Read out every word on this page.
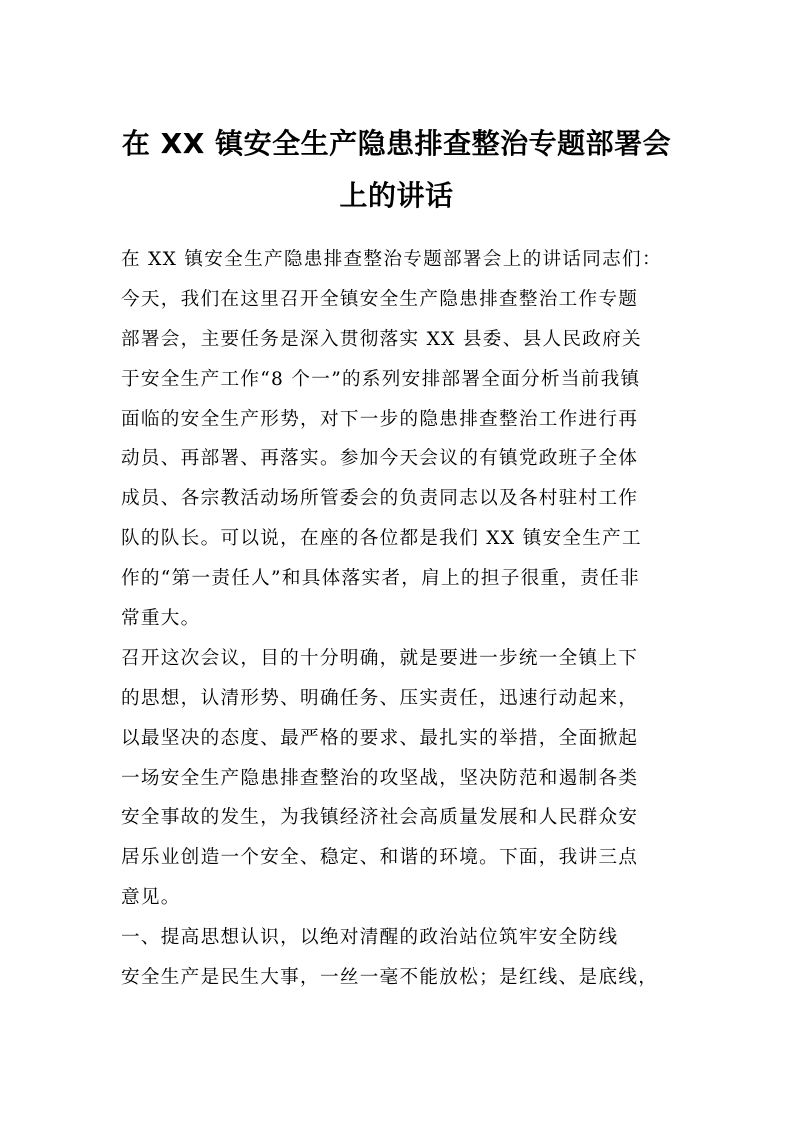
在 XX 镇安全生产隐患排查整治专题部署会
上的讲话
在 XX 镇安全生产隐患排查整治专题部署会上的讲话同志们：
今天，我们在这里召开全镇安全生产隐患排查整治工作专题
部署会，主要任务是深入贯彻落实 XX 县委、县人民政府关
于安全生产工作“8 个一”的系列安排部署全面分析当前我镇
面临的安全生产形势，对下一步的隐患排查整治工作进行再
动员、再部署、再落实。参加今天会议的有镇党政班子全体
成员、各宗教活动场所管委会的负责同志以及各村驻村工作
队的队长。可以说，在座的各位都是我们 XX 镇安全生产工
作的“第一责任人”和具体落实者，肩上的担子很重，责任非
常重大。
召开这次会议，目的十分明确，就是要进一步统一全镇上下
的思想，认清形势、明确任务、压实责任，迅速行动起来，
以最坚决的态度、最严格的要求、最扎实的举措，全面掀起
一场安全生产隐患排查整治的攻坚战，坚决防范和遏制各类
安全事故的发生，为我镇经济社会高质量发展和人民群众安
居乐业创造一个安全、稳定、和谐的环境。下面，我讲三点
意见。
一、提高思想认识，以绝对清醒的政治站位筑牢安全防线
安全生产是民生大事，一丝一毫不能放松；是红线、是底线，
